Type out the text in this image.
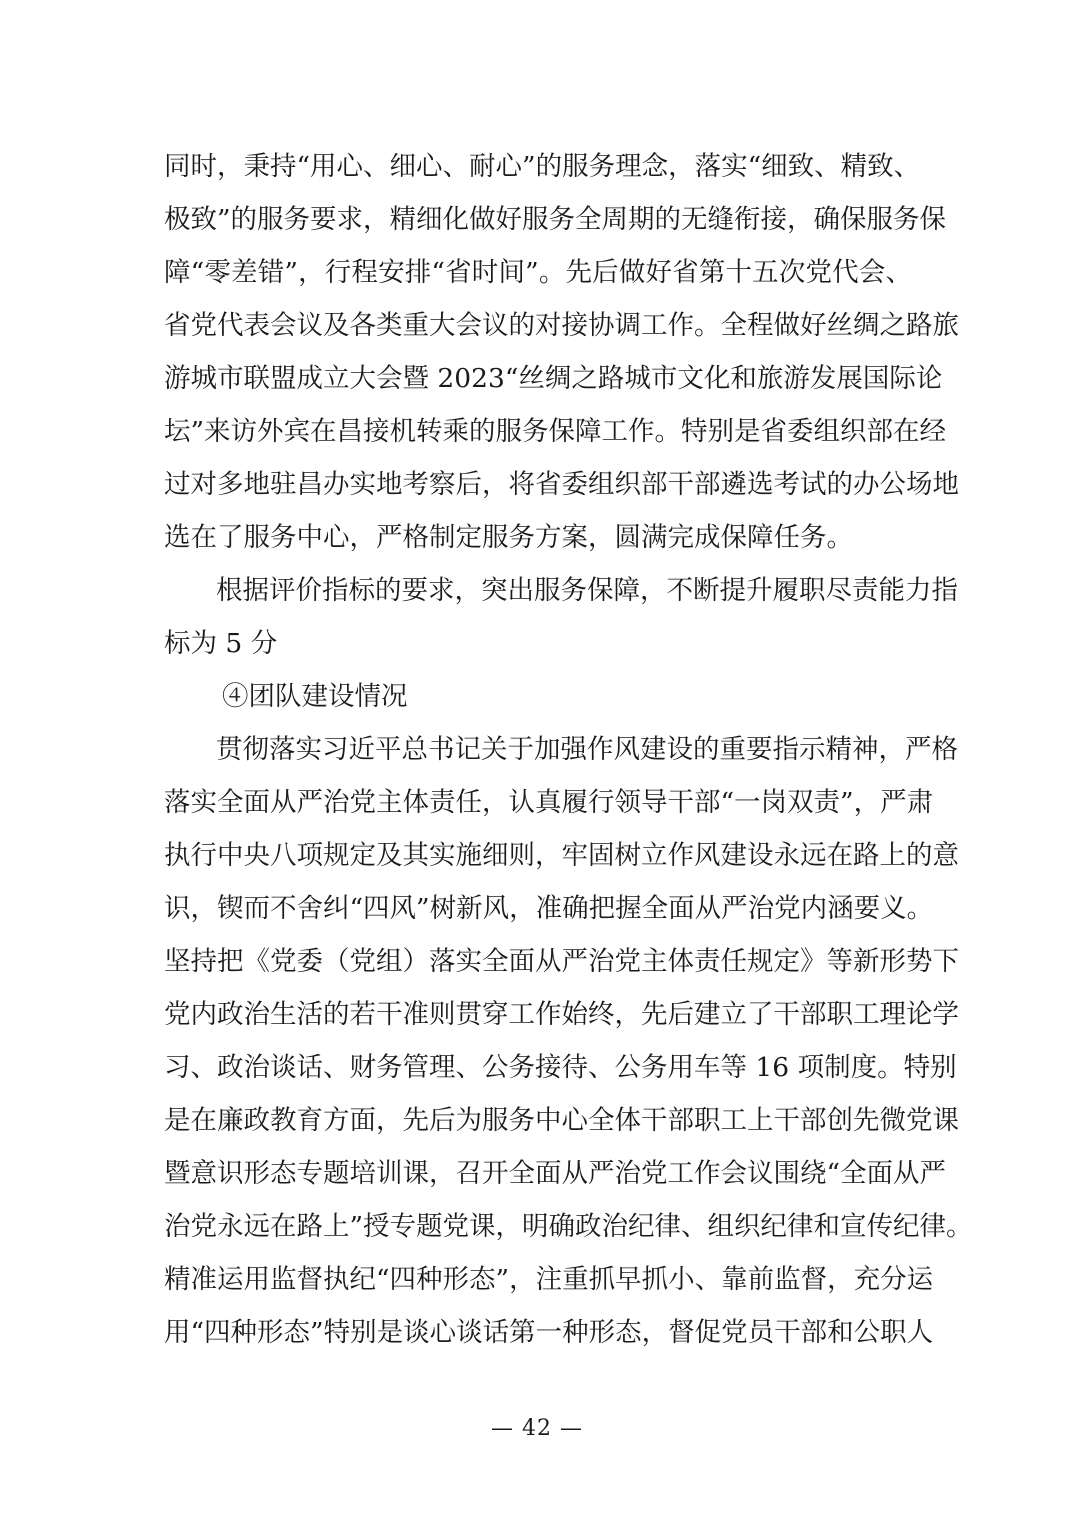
同时，秉持“用心、细心、耐心”的服务理念，落实“细致、精致、
极致”的服务要求，精细化做好服务全周期的无缝衔接，确保服务保
障“零差错”，行程安排“省时间”。先后做好省第十五次党代会、
省党代表会议及各类重大会议的对接协调工作。全程做好丝绸之路旅
游城市联盟成立大会暨 2023“丝绸之路城市文化和旅游发展国际论
坛”来访外宾在昌接机转乘的服务保障工作。特别是省委组织部在经
过对多地驻昌办实地考察后，将省委组织部干部遴选考试的办公场地
选在了服务中心，严格制定服务方案，圆满完成保障任务。
根据评价指标的要求，突出服务保障，不断提升履职尽责能力指
标为 5 分
④团队建设情况
贯彻落实习近平总书记关于加强作风建设的重要指示精神，严格
落实全面从严治党主体责任，认真履行领导干部“一岗双责”，严肃
执行中央八项规定及其实施细则，牢固树立作风建设永远在路上的意
识，锲而不舍纠“四风”树新风，准确把握全面从严治党内涵要义。
坚持把《党委（党组）落实全面从严治党主体责任规定》等新形势下
党内政治生活的若干准则贯穿工作始终，先后建立了干部职工理论学
习、政治谈话、财务管理、公务接待、公务用车等 16 项制度。特别
是在廉政教育方面，先后为服务中心全体干部职工上干部创先微党课
暨意识形态专题培训课，召开全面从严治党工作会议围绕“全面从严
治党永远在路上”授专题党课，明确政治纪律、组织纪律和宣传纪律。
精准运用监督执纪“四种形态”，注重抓早抓小、靠前监督，充分运
用“四种形态”特别是谈心谈话第一种形态，督促党员干部和公职人
— 42 —
